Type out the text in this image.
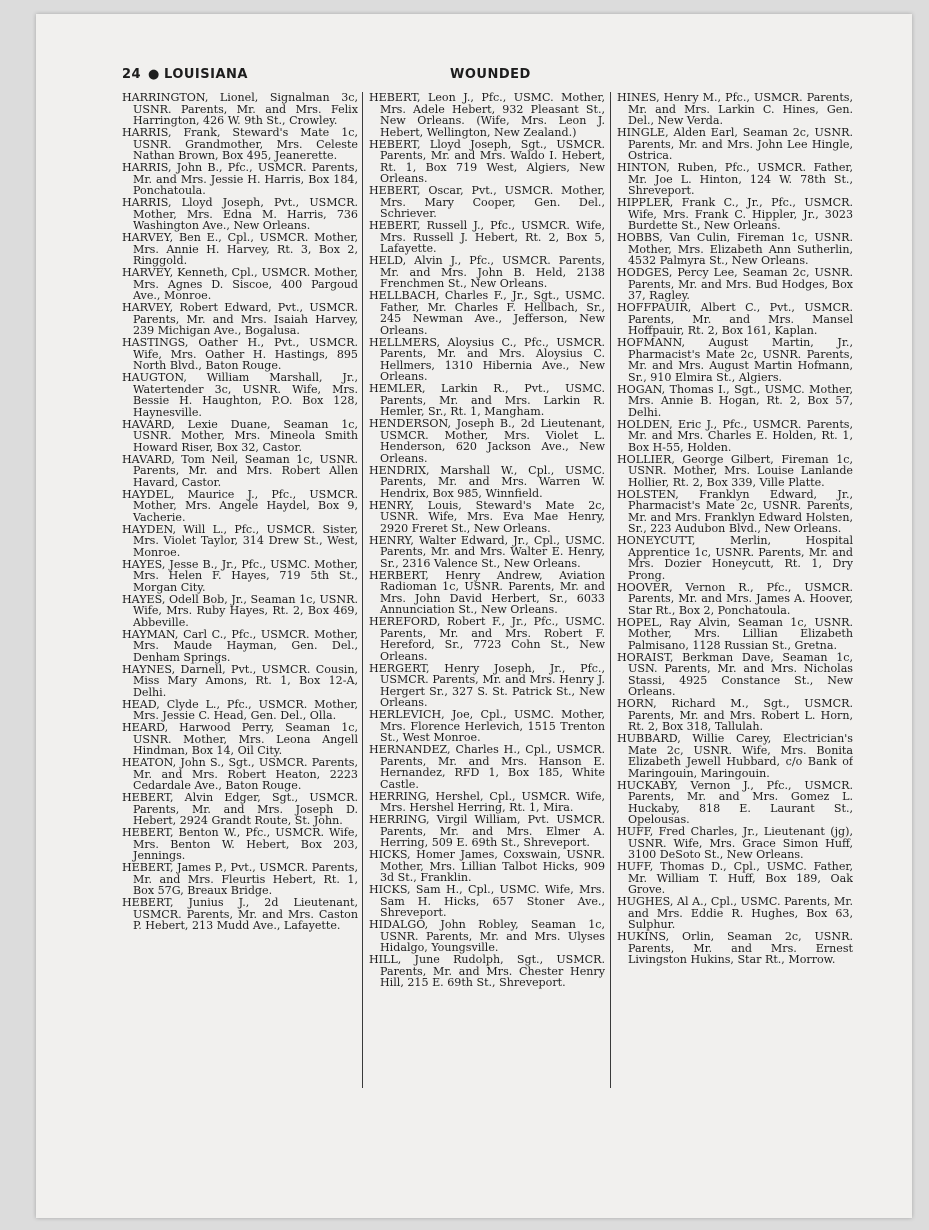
24 ● LOUISIANA	WOUNDED

HARRINGTON, Lionel, Signalman 3c, USNR. Parents, Mr. and Mrs. Felix Harrington, 426 W. 9th St., Crowley.

HARRIS, Frank, Steward's Mate 1c, USNR. Grandmother, Mrs. Celeste Nathan Brown, Box 495, Jeanerette.

HARRIS, John B., Pfc., USMCR. Parents, Mr. and Mrs. Jessie H. Harris, Box 184, Ponchatoula.

HARRIS, Lloyd Joseph, Pvt., USMCR. Mother, Mrs. Edna M. Harris, 736 Washington Ave., New Orleans.

HARVEY, Ben E., Cpl., USMCR. Mother, Mrs. Annie H. Harvey, Rt. 3, Box 2, Ringgold.

HARVEY, Kenneth, Cpl., USMCR. Mother, Mrs. Agnes D. Siscoe, 400 Pargoud Ave., Monroe.

HARVEY, Robert Edward, Pvt., USMCR. Parents, Mr. and Mrs. Isaiah Harvey, 239 Michigan Ave., Bogalusa.

HASTINGS, Oather H., Pvt., USMCR. Wife, Mrs. Oather H. Hastings, 895 North Blvd., Baton Rouge.

HAUGTON, William Marshall, Jr., Watertender 3c, USNR. Wife, Mrs. Bessie H. Haughton, P.O. Box 128, Haynesville.

HAVARD, Lexie Duane, Seaman 1c, USNR. Mother, Mrs. Mineola Smith Howard Riser, Box 32, Castor.

HAVARD, Tom Neil, Seaman 1c, USNR. Parents, Mr. and Mrs. Robert Allen Havard, Castor.

HAYDEL, Maurice J., Pfc., USMCR. Mother, Mrs. Angele Haydel, Box 9, Vacherie.

HAYDEN, Will L., Pfc., USMCR. Sister, Mrs. Violet Taylor, 314 Drew St., West, Monroe.

HAYES, Jesse B., Jr., Pfc., USMC. Mother, Mrs. Helen F. Hayes, 719 5th St., Morgan City.

HAYES, Odell Bob, Jr., Seaman 1c, USNR. Wife, Mrs. Ruby Hayes, Rt. 2, Box 469, Abbeville.

HAYMAN, Carl C., Pfc., USMCR. Mother, Mrs. Maude Hayman, Gen. Del., Denham Springs.

HAYNES, Darnell, Pvt., USMCR. Cousin, Miss Mary Amons, Rt. 1, Box 12-A, Delhi.

HEAD, Clyde L., Pfc., USMCR. Mother, Mrs. Jessie C. Head, Gen. Del., Olla.

HEARD, Harwood Perry, Seaman 1c, USNR. Mother, Mrs. Leona Angell Hindman, Box 14, Oil City.

HEATON, John S., Sgt., USMCR. Parents, Mr. and Mrs. Robert Heaton, 2223 Cedardale Ave., Baton Rouge.

HEBERT, Alvin Edger, Sgt., USMCR. Parents, Mr. and Mrs. Joseph D. Hebert, 2924 Grandt Route, St. John.

HEBERT, Benton W., Pfc., USMCR. Wife, Mrs. Benton W. Hebert, Box 203, Jennings.

HEBERT, James P., Pvt., USMCR. Parents, Mr. and Mrs. Fleurtis Hebert, Rt. 1, Box 57G, Breaux Bridge.

HEBERT, Junius J., 2d Lieutenant, USMCR. Parents, Mr. and Mrs. Caston P. Hebert, 213 Mudd Ave., Lafayette.

HEBERT, Leon J., Pfc., USMC. Mother, Mrs. Adele Hebert, 932 Pleasant St., New Orleans. (Wife, Mrs. Leon J. Hebert, Wellington, New Zealand.)

HEBERT, Lloyd Joseph, Sgt., USMCR. Parents, Mr. and Mrs. Waldo I. Hebert, Rt. 1, Box 719 West, Algiers, New Orleans.

HEBERT, Oscar, Pvt., USMCR. Mother, Mrs. Mary Cooper, Gen. Del., Schriever.

HEBERT, Russell J., Pfc., USMCR. Wife, Mrs. Russell J. Hebert, Rt. 2, Box 5, Lafayette.

HELD, Alvin J., Pfc., USMCR. Parents, Mr. and Mrs. John B. Held, 2138 Frenchmen St., New Orleans.

HELLBACH, Charles F., Jr., Sgt., USMC. Father, Mr. Charles F. Hellbach, Sr., 245 Newman Ave., Jefferson, New Orleans.

HELLMERS, Aloysius C., Pfc., USMCR. Parents, Mr. and Mrs. Aloysius C. Hellmers, 1310 Hibernia Ave., New Orleans.

HEMLER, Larkin R., Pvt., USMC. Parents, Mr. and Mrs. Larkin R. Hemler, Sr., Rt. 1, Mangham.

HENDERSON, Joseph B., 2d Lieutenant, USMCR. Mother, Mrs. Violet L. Henderson, 620 Jackson Ave., New Orleans.

HENDRIX, Marshall W., Cpl., USMC. Parents, Mr. and Mrs. Warren W. Hendrix, Box 985, Winnfield.

HENRY, Louis, Steward's Mate 2c, USNR. Wife, Mrs. Eva Mae Henry, 2920 Freret St., New Orleans.

HENRY, Walter Edward, Jr., Cpl., USMC. Parents, Mr. and Mrs. Walter E. Henry, Sr., 2316 Valence St., New Orleans.

HERBERT, Henry Andrew, Aviation Radioman 1c, USNR. Parents, Mr. and Mrs. John David Herbert, Sr., 6033 Annunciation St., New Orleans.

HEREFORD, Robert F., Jr., Pfc., USMC. Parents, Mr. and Mrs. Robert F. Hereford, Sr., 7723 Cohn St., New Orleans.

HERGERT, Henry Joseph, Jr., Pfc., USMCR. Parents, Mr. and Mrs. Henry J. Hergert Sr., 327 S. St. Patrick St., New Orleans.

HERLEVICH, Joe, Cpl., USMC. Mother, Mrs. Florence Herlevich, 1515 Trenton St., West Monroe.

HERNANDEZ, Charles H., Cpl., USMCR. Parents, Mr. and Mrs. Hanson E. Hernandez, RFD 1, Box 185, White Castle.

HERRING, Hershel, Cpl., USMCR. Wife, Mrs. Hershel Herring, Rt. 1, Mira.

HERRING, Virgil William, Pvt. USMCR. Parents, Mr. and Mrs. Elmer A. Herring, 509 E. 69th St., Shreveport.

HICKS, Homer James, Coxswain, USNR. Mother, Mrs. Lillian Talbot Hicks, 909 3d St., Franklin.

HICKS, Sam H., Cpl., USMC. Wife, Mrs. Sam H. Hicks, 657 Stoner Ave., Shreveport.

HIDALGO, John Robley, Seaman 1c, USNR. Parents, Mr. and Mrs. Ulyses Hidalgo, Youngsville.

HILL, June Rudolph, Sgt., USMCR. Parents, Mr. and Mrs. Chester Henry Hill, 215 E. 69th St., Shreveport.

HINES, Henry M., Pfc., USMCR. Parents, Mr. and Mrs. Larkin C. Hines, Gen. Del., New Verda.

HINGLE, Alden Earl, Seaman 2c, USNR. Parents, Mr. and Mrs. John Lee Hingle, Ostrica.

HINTON, Ruben, Pfc., USMCR. Father, Mr. Joe L. Hinton, 124 W. 78th St., Shreveport.

HIPPLER, Frank C., Jr., Pfc., USMCR. Wife, Mrs. Frank C. Hippler, Jr., 3023 Burdette St., New Orleans.

HOBBS, Van Culin, Fireman 1c, USNR. Mother, Mrs. Elizabeth Ann Sutherlin, 4532 Palmyra St., New Orleans.

HODGES, Percy Lee, Seaman 2c, USNR. Parents, Mr. and Mrs. Bud Hodges, Box 37, Ragley.

HOFFPAUIR, Albert C., Pvt., USMCR. Parents, Mr. and Mrs. Mansel Hoffpauir, Rt. 2, Box 161, Kaplan.

HOFMANN, August Martin, Jr., Pharmacist's Mate 2c, USNR. Parents, Mr. and Mrs. August Martin Hofmann, Sr., 910 Elmira St., Algiers.

HOGAN, Thomas I., Sgt., USMC. Mother, Mrs. Annie B. Hogan, Rt. 2, Box 57, Delhi.

HOLDEN, Eric J., Pfc., USMCR. Parents, Mr. and Mrs. Charles E. Holden, Rt. 1, Box H-55, Holden.

HOLLIER, George Gilbert, Fireman 1c, USNR. Mother, Mrs. Louise Lanlande Hollier, Rt. 2, Box 339, Ville Platte.

HOLSTEN, Franklyn Edward, Jr., Pharmacist's Mate 2c, USNR. Parents, Mr. and Mrs. Franklyn Edward Holsten, Sr., 223 Audubon Blvd., New Orleans.

HONEYCUTT, Merlin, Hospital Apprentice 1c, USNR. Parents, Mr. and Mrs. Dozier Honeycutt, Rt. 1, Dry Prong.

HOOVER, Vernon R., Pfc., USMCR. Parents, Mr. and Mrs. James A. Hoover, Star Rt., Box 2, Ponchatoula.

HOPEL, Ray Alvin, Seaman 1c, USNR. Mother, Mrs. Lillian Elizabeth Palmisano, 1128 Russian St., Gretna.

HORAIST, Berkman Dave, Seaman 1c, USN. Parents, Mr. and Mrs. Nicholas Stassi, 4925 Constance St., New Orleans.

HORN, Richard M., Sgt., USMCR. Parents, Mr. and Mrs. Robert L. Horn, Rt. 2, Box 318, Tallulah.

HUBBARD, Willie Carey, Electrician's Mate 2c, USNR. Wife, Mrs. Bonita Elizabeth Jewell Hubbard, c/o Bank of Maringouin, Maringouin.

HUCKABY, Vernon J., Pfc., USMCR. Parents, Mr. and Mrs. Gomez L. Huckaby, 818 E. Laurant St., Opelousas.

HUFF, Fred Charles, Jr., Lieutenant (jg), USNR. Wife, Mrs. Grace Simon Huff, 3100 DeSoto St., New Orleans.

HUFF, Thomas D., Cpl., USMC. Father, Mr. William T. Huff, Box 189, Oak Grove.

HUGHES, Al A., Cpl., USMC. Parents, Mr. and Mrs. Eddie R. Hughes, Box 63, Sulphur.

HUKINS, Orlin, Seaman 2c, USNR. Parents, Mr. and Mrs. Ernest Livingston Hukins, Star Rt., Morrow.
